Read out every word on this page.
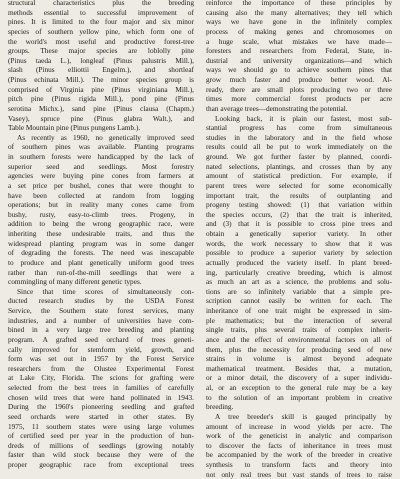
structural characteristics plus the breeding
methods essential to successful improvement of
pines. It is limited to the four major and six minor
species of southern yellow pine, which form one of
the world's most useful and productive forest-tree
groups. These major species are loblolly pine
(Pinus taeda L.), longleaf (Pinus palustris Mill.),
slash (Pinus elliottii Engelm.), and shortleaf
(Pinus echinata Mill.). The minor species group is
comprised of Virginia pine (Pinus virginiana Mill.),
pitch pine (Pinus rigida Mill.), pond pine (Pinus
serotina Michx.), sand pine (Pinus clausa (Chapm.)
Vasey), spruce pine (Pinus glabra Walt.), and
Table Mountain pine (Pinus pungens Lamb.).
As recently as 1960, no genetically improved seed
of southern pines was available. Planting programs
in southern forests were handicapped by the lack of
superior seed and seedlings. Most forestry
agencies were buying pine cones from farmers at
a set price per bushel, cones that were thought to
have been collected at random from logging
operations; but in reality many cones came from
bushy, rusty, easy-to-climb trees. Progeny, in
addition to being the wrong geographic race, were
inheriting these undesirable traits, and thus the
widespread planting program was in some danger
of degrading the forests. The need was inescapable
to produce and plant genetically uniform good trees
rather than run-of-the-mill seedlings that were a
commingling of many different genetic types.
Since that time scores of simultaneously con-
ducted research studies by the USDA Forest
Service, the Southern state forest services, many
industries, and a number of universities have com-
bined in a very large tree breeding and planting
program. A grafted seed orchard of trees geneti-
cally improved for stemform yield, growth, and
form was set out in 1957 by the Forest Service
researchers from the Olustee Experimental Forest
at Lake City, Florida. The scions for grafting were
selected from the best trees in families of carefully
chosen wild trees that were hand pollinated in 1943.
During the 1960's pioneering seedling and grafted
seed orchards were started in other states. By
1975, 11 southern states were using large volumes
of certified seed per year in the production of hun-
dreds of millions of seedlings (growing notably
faster than wild stock because they were of the
proper geographic race from exceptional trees
reinforce the importance of these principles by
causing also the many alternatives; they tell which
ways we have gone in the infinitely complex
process of making genes and chromosomes on
a huge scale, what mistakes we have made—
foresters and researchers from Federal, State, in-
dustrial and university organizations—and which
ways we should go to achieve southern pines that
grow much faster and produce better wood. Al-
ready, there are small plots producing two or three
times more commercial forest products per acre
than average trees—demonstrating the potential.
Looking back, it is plain our fastest, most sub-
stantial progress has come from simultaneous
studies in the laboratory and in the field whose
results could all be put to work immediately on the
ground. We got further faster by planned, coordi-
nated selections, plantings, and crosses than by any
amount of statistical prediction. For example, if
parent trees were selected for some economically
important trait, the results of outplanting and
progeny testing showed: (1) that variation within
the species occurs, (2) that the trait is inherited,
and (3) that it is possible to cross pine trees and
obtain a genetically superior variety. In other
words, the work necessary to show that it was
possible to produce a superior variety by selection
actually produced the variety itself. In plant breed-
ing, particularly creative breeding, which is almost
as much an art as a science, the problems and solu-
tions are so infinitely variable that a simple pre-
scription cannot easily be written for each. The
inheritance of one trait might be expressed in sim-
ple mathematics; but the interaction of several
single traits, plus several traits of complex inherit-
ance and the effect of environmental factors on all of
them, plus the necessity for producing seed of new
strains in volume is almost beyond adequate
mathematical treatment. Besides that, a mutation,
or a minor detail, the discovery of a super individu-
al, or an exception to the general rule may be a key
to the solution of an important problem in creative
breeding.
A tree breeder's skill is gauged principally by
amount of increase in wood yields per acre. The
work of the geneticist in analytic and comparison
to discover the facts of inheritance in trees must
be accompanied by the work of the breeder in creative
synthesis to transform facts and theory into
not only real trees but vast stands of trees to raise
